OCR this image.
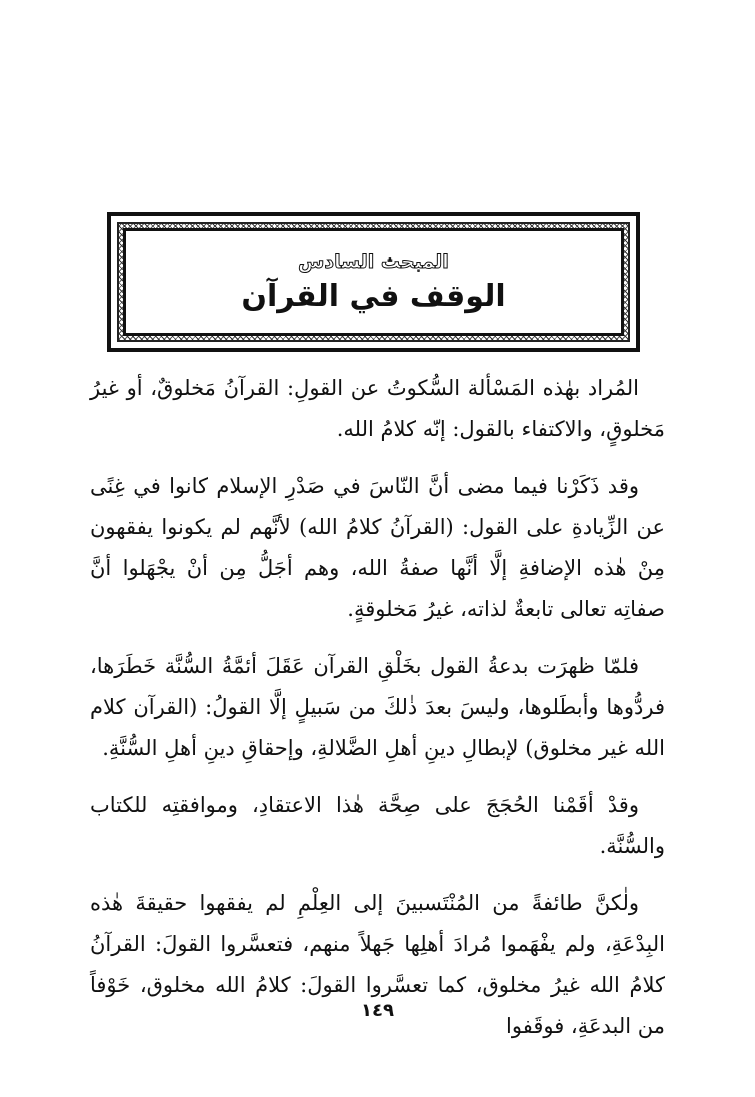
المبحث السادس
الوقف في القرآن

المُراد بهٰذه المَسْألة السُّكوتُ عن القولِ: القرآنُ مَخلوقٌ، أو غيرُ مَخلوقٍ، والاكتفاء بالقول: إنّه كلامُ الله.

وقد ذَكَرْنا فيما مضى أنَّ النّاسَ في صَدْرِ الإسلام كانوا في غِنًى عن الزِّيادةِ على القول: (القرآنُ كلامُ الله) لأنَّهم لم يكونوا يفقهون مِنْ هٰذه الإضافةِ إلَّا أنَّها صفةُ الله، وهم أجَلُّ مِن أنْ يجْهَلوا أنَّ صفاتِه تعالى تابعةٌ لذاته، غيرُ مَخلوقةٍ.

فلمّا ظهرَت بدعةُ القول بخَلْقِ القرآن عَقَلَ أئمَّةُ السُّنَّة خَطَرَها، فردُّوها وأبطَلوها، وليسَ بعدَ ذٰلكَ من سَبيلٍ إلَّا القولُ: (القرآن كلام الله غير مخلوق) لإبطالِ دينِ أهلِ الضَّلالةِ، وإحقاقِ دينِ أهلِ السُّنَّةِ.

وقدْ أقَمْنا الحُجَجَ على صِحَّة هٰذا الاعتقادِ، وموافقتِه للكتاب والسُّنَّة.

ولٰكنَّ طائفةً من المُنْتَسبينَ إلى العِلْمِ لم يفقهوا حقيقةَ هٰذه البِدْعَةِ، ولم يفْهَموا مُرادَ أهلِها جَهلاً منهم، فتعسَّروا القولَ: القرآنُ كلامُ الله غيرُ مخلوق، كما تعسَّروا القولَ: كلامُ الله مخلوق، خَوْفاً من البدعَةِ، فوقَفوا

١٤٩
